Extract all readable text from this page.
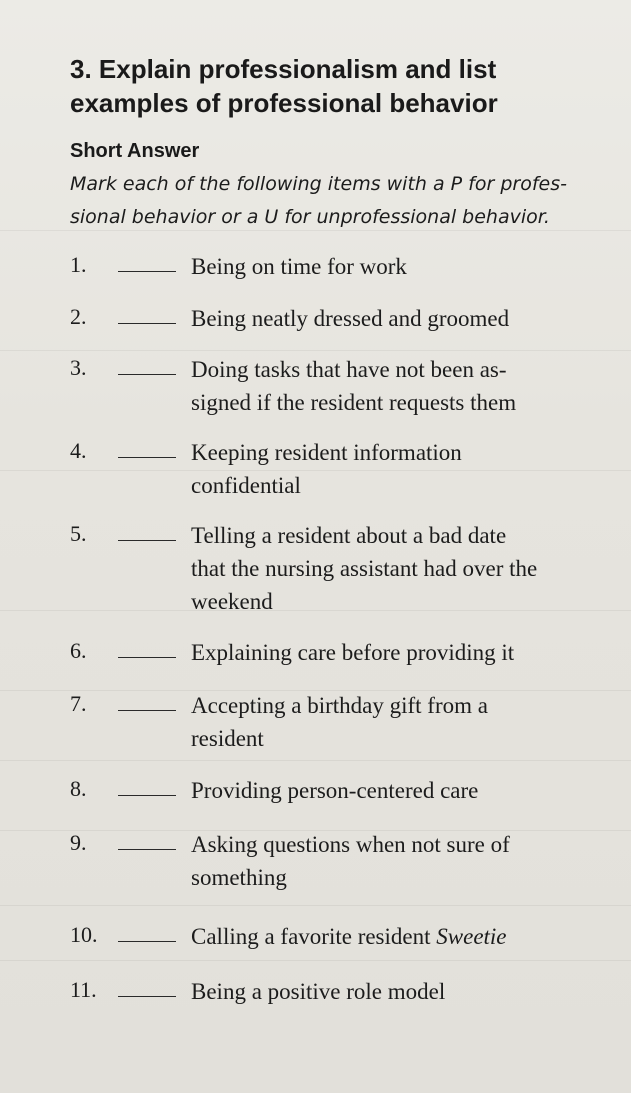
3. Explain professionalism and list
examples of professional behavior
Short Answer

Mark each of the following items with a P for profes-
sional behavior or a U for unprofessional behavior.

1.	Being on time for work
2.	Being neatly dressed and groomed
3.	Doing tasks that have not been as-
signed if the resident requests them
4.	Keeping resident information
confidential
5.	Telling a resident about a bad date
that the nursing assistant had over the
weekend
6.	Explaining care before providing it
7.	Accepting a birthday gift from a
resident
8.	Providing person-centered care
9.	Asking questions when not sure of
something
10.	Calling a favorite resident Sweetie
11.	Being a positive role model
